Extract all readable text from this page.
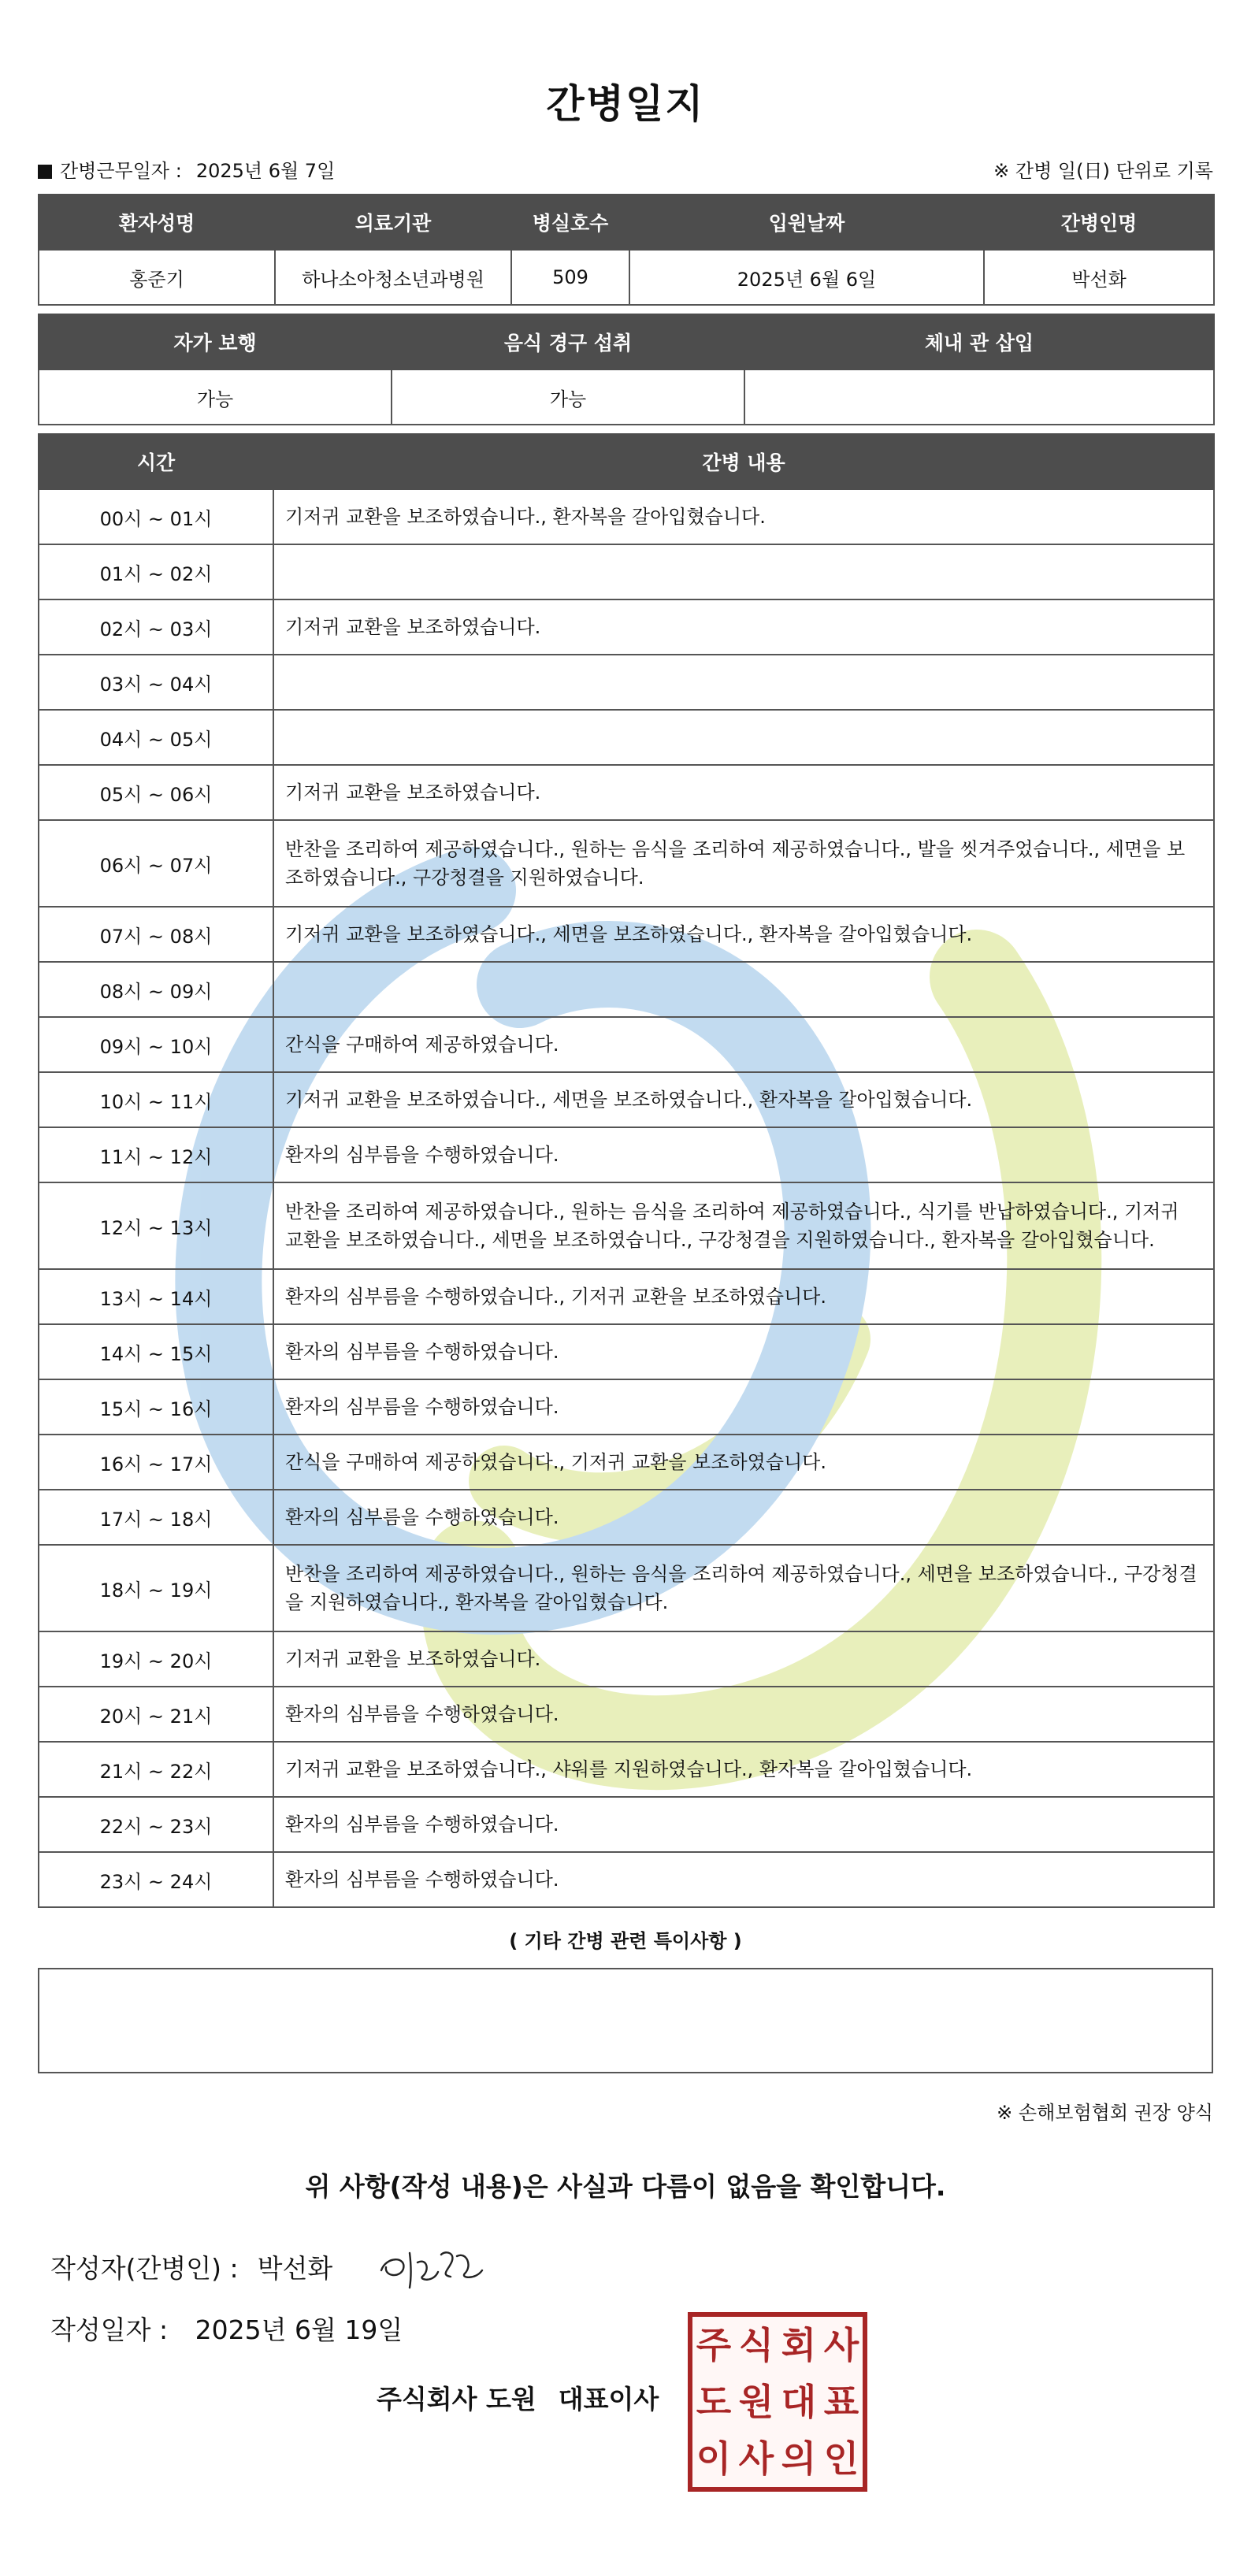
간병일지
간병근무일자 : 2025년 6월 7일	※ 간병 일(日) 단위로 기록
환자성명	의료기관	병실호수	입원날짜	간병인명
홍준기	하나소아청소년과병원	509	2025년 6월 6일	박선화
자가 보행	음식 경구 섭취	체내 관 삽입
가능	가능	
시간	간병 내용
00시 ~ 01시	기저귀 교환을 보조하였습니다., 환자복을 갈아입혔습니다.
01시 ~ 02시	
02시 ~ 03시	기저귀 교환을 보조하였습니다.
03시 ~ 04시	
04시 ~ 05시	
05시 ~ 06시	기저귀 교환을 보조하였습니다.
06시 ~ 07시	반찬을 조리하여 제공하였습니다., 원하는 음식을 조리하여 제공하였습니다., 발을 씻겨주었습니다., 세면을 보조하였습니다., 구강청결을 지원하였습니다.
07시 ~ 08시	기저귀 교환을 보조하였습니다., 세면을 보조하였습니다., 환자복을 갈아입혔습니다.
08시 ~ 09시	
09시 ~ 10시	간식을 구매하여 제공하였습니다.
10시 ~ 11시	기저귀 교환을 보조하였습니다., 세면을 보조하였습니다., 환자복을 갈아입혔습니다.
11시 ~ 12시	환자의 심부름을 수행하였습니다.
12시 ~ 13시	반찬을 조리하여 제공하였습니다., 원하는 음식을 조리하여 제공하였습니다., 식기를 반납하였습니다., 기저귀 교환을 보조하였습니다., 세면을 보조하였습니다., 구강청결을 지원하였습니다., 환자복을 갈아입혔습니다.
13시 ~ 14시	환자의 심부름을 수행하였습니다., 기저귀 교환을 보조하였습니다.
14시 ~ 15시	환자의 심부름을 수행하였습니다.
15시 ~ 16시	환자의 심부름을 수행하였습니다.
16시 ~ 17시	간식을 구매하여 제공하였습니다., 기저귀 교환을 보조하였습니다.
17시 ~ 18시	환자의 심부름을 수행하였습니다.
18시 ~ 19시	반찬을 조리하여 제공하였습니다., 원하는 음식을 조리하여 제공하였습니다., 세면을 보조하였습니다., 구강청결을 지원하였습니다., 환자복을 갈아입혔습니다.
19시 ~ 20시	기저귀 교환을 보조하였습니다.
20시 ~ 21시	환자의 심부름을 수행하였습니다.
21시 ~ 22시	기저귀 교환을 보조하였습니다., 샤워를 지원하였습니다., 환자복을 갈아입혔습니다.
22시 ~ 23시	환자의 심부름을 수행하였습니다.
23시 ~ 24시	환자의 심부름을 수행하였습니다.
( 기타 간병 관련 특이사항 )
※ 손해보험협회 권장 양식
위 사항(작성 내용)은 사실과 다름이 없음을 확인합니다.
작성자(간병인) : 박선화
작성일자 : 2025년 6월 19일
주식회사 도원 대표이사
주 식 회 사
도 원 대 표
이 사 의 인
